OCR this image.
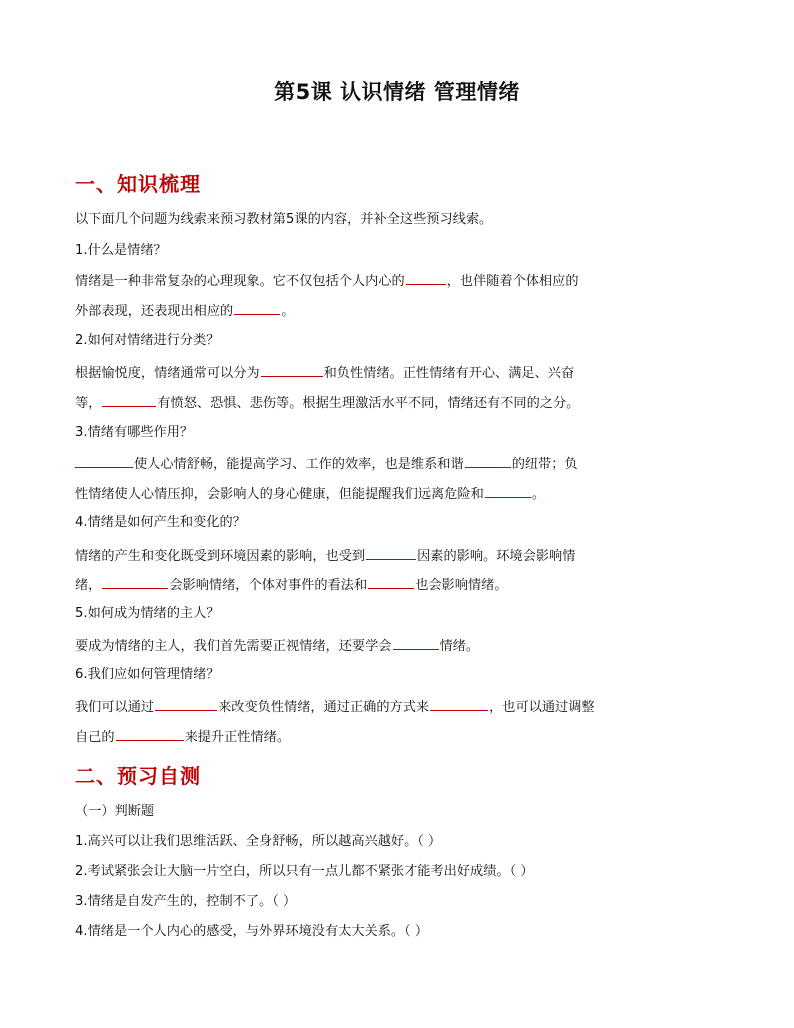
第5课 认识情绪 管理情绪
一、知识梳理
以下面几个问题为线索来预习教材第5课的内容，并补全这些预习线索。
1.什么是情绪？
情绪是一种非常复杂的心理现象。它不仅包括个人内心的	，也伴随着个体相应的
外部表现，还表现出相应的	。
2.如何对情绪进行分类？
根据愉悦度，情绪通常可以分为	和负性情绪。正性情绪有开心、满足、兴奋
等，	有愤怒、恐惧、悲伤等。根据生理激活水平不同，情绪还有不同的之分。
3.情绪有哪些作用？
使人心情舒畅，能提高学习、工作的效率，也是维系和谐	的纽带；负
性情绪使人心情压抑，会影响人的身心健康，但能提醒我们远离危险和	。
4.情绪是如何产生和变化的？
情绪的产生和变化既受到环境因素的影响，也受到	因素的影响。环境会影响情
绪，	会影响情绪，个体对事件的看法和	也会影响情绪。
5.如何成为情绪的主人？
要成为情绪的主人，我们首先需要正视情绪，还要学会	情绪。
6.我们应如何管理情绪？
我们可以通过	来改变负性情绪，通过正确的方式来	，也可以通过调整
自己的	来提升正性情绪。
二、预习自测
（一）判断题
1.高兴可以让我们思维活跃、全身舒畅，所以越高兴越好。（ ）
2.考试紧张会让大脑一片空白，所以只有一点儿都不紧张才能考出好成绩。（ ）
3.情绪是自发产生的，控制不了。（ ）
4.情绪是一个人内心的感受，与外界环境没有太大关系。（ ）
